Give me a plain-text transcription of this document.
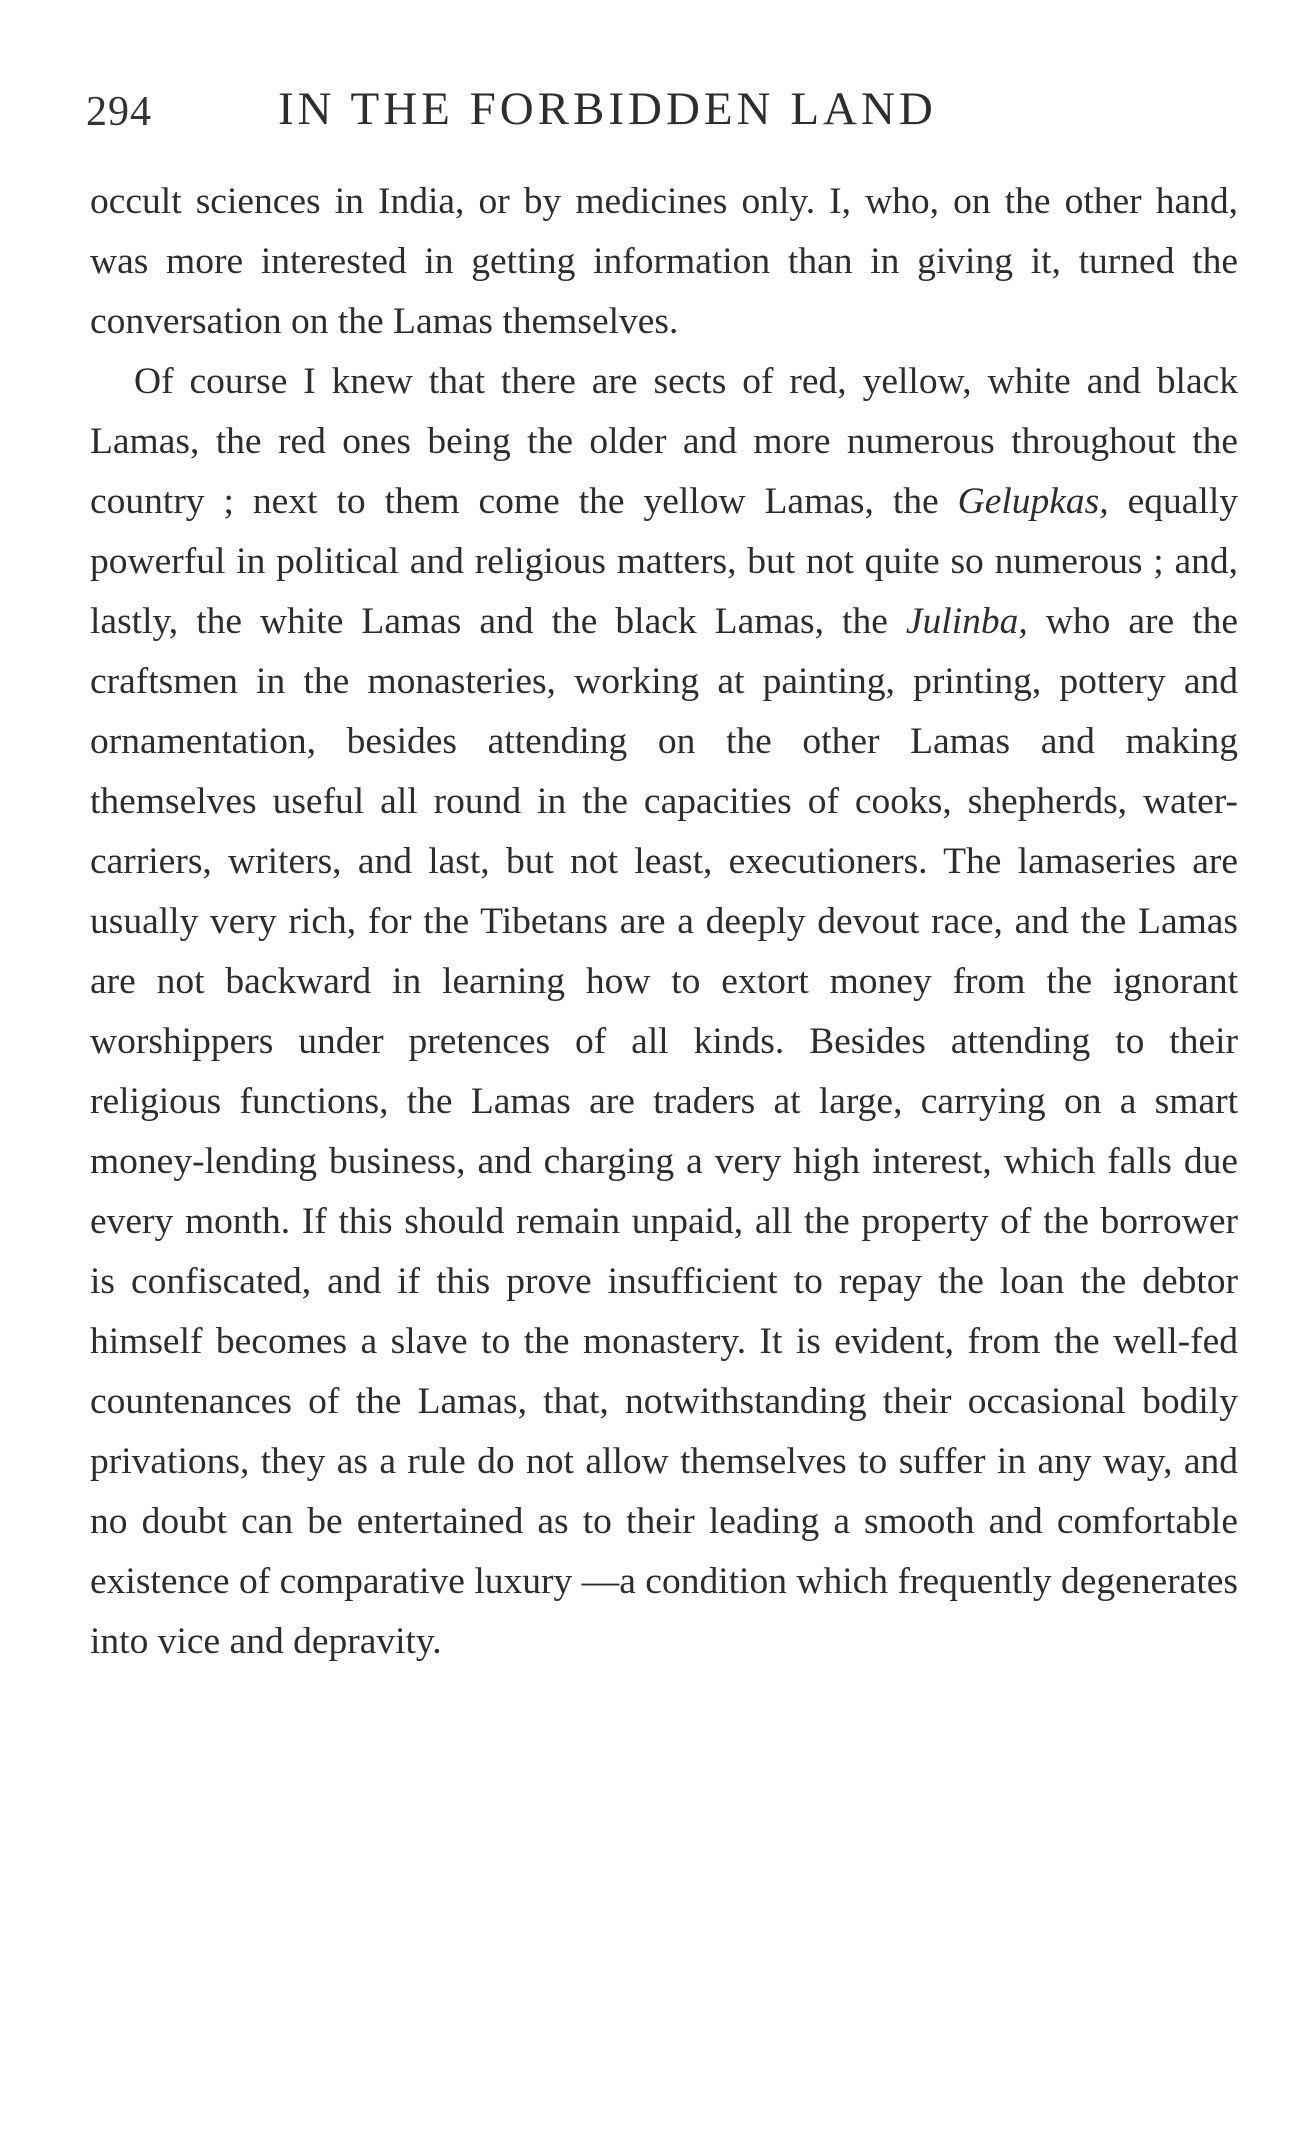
294	IN THE FORBIDDEN LAND

occult sciences in India, or by medicines only. I, who, on the other hand, was more interested in getting information than in giving it, turned the conversation on the Lamas themselves.

Of course I knew that there are sects of red, yellow, white and black Lamas, the red ones being the older and more numerous throughout the country ; next to them come the yellow Lamas, the Gelupkas, equally powerful in political and religious matters, but not quite so numerous ; and, lastly, the white Lamas and the black Lamas, the Julinba, who are the craftsmen in the monasteries, working at painting, printing, pottery and ornamentation, besides attending on the other Lamas and making themselves useful all round in the capacities of cooks, shepherds, water-carriers, writers, and last, but not least, executioners. The lamaseries are usually very rich, for the Tibetans are a deeply devout race, and the Lamas are not backward in learning how to extort money from the ignorant worshippers under pretences of all kinds. Besides attending to their religious functions, the Lamas are traders at large, carrying on a smart money-lending business, and charging a very high interest, which falls due every month. If this should remain unpaid, all the property of the borrower is confiscated, and if this prove insufficient to repay the loan the debtor himself becomes a slave to the monastery. It is evident, from the well-fed countenances of the Lamas, that, notwithstanding their occasional bodily privations, they as a rule do not allow themselves to suffer in any way, and no doubt can be entertained as to their leading a smooth and comfortable existence of comparative luxury —a condition which frequently degenerates into vice and depravity.
